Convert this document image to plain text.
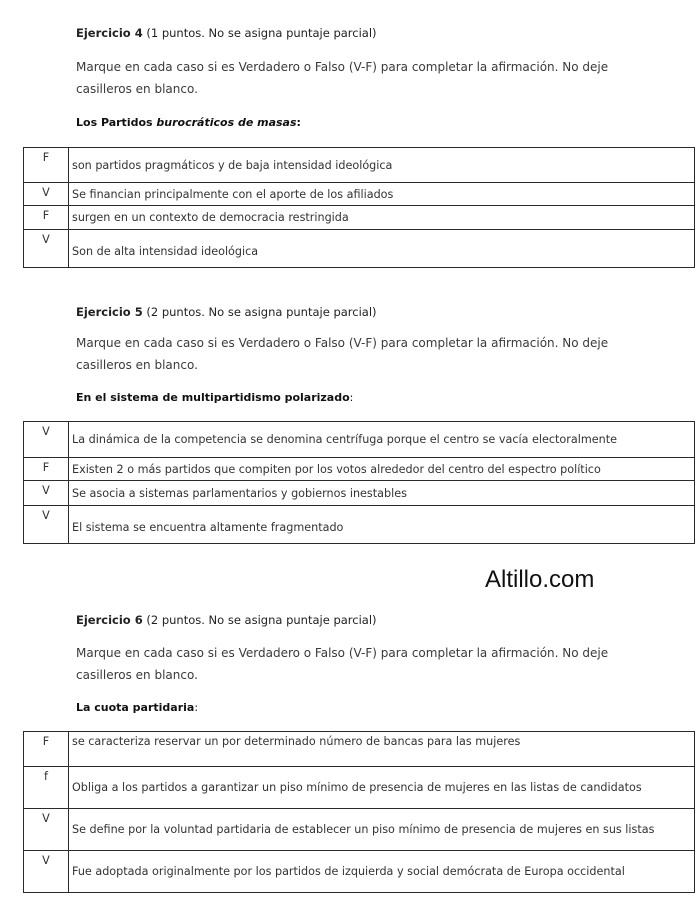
Ejercicio 4 (1 puntos. No se asigna puntaje parcial)
Marque en cada caso si es Verdadero o Falso (V-F) para completar la afirmación. No deje casilleros en blanco.
Los Partidos burocráticos de masas:
F	son partidos pragmáticos y de baja intensidad ideológica
V	Se financian principalmente con el aporte de los afiliados
F	surgen en un contexto de democracia restringida
V	Son de alta intensidad ideológica
Ejercicio 5 (2 puntos. No se asigna puntaje parcial)
Marque en cada caso si es Verdadero o Falso (V-F) para completar la afirmación. No deje casilleros en blanco.
En el sistema de multipartidismo polarizado:
V	La dinámica de la competencia se denomina centrífuga porque el centro se vacía electoralmente
F	Existen 2 o más partidos que compiten por los votos alrededor del centro del espectro político
V	Se asocia a sistemas parlamentarios y gobiernos inestables
V	El sistema se encuentra altamente fragmentado
Altillo.com
Ejercicio 6 (2 puntos. No se asigna puntaje parcial)
Marque en cada caso si es Verdadero o Falso (V-F) para completar la afirmación. No deje casilleros en blanco.
La cuota partidaria:
F	se caracteriza reservar un por determinado número de bancas para las mujeres
f	Obliga a los partidos a garantizar un piso mínimo de presencia de mujeres en las listas de candidatos
V	Se define por la voluntad partidaria de establecer un piso mínimo de presencia de mujeres en sus listas
V	Fue adoptada originalmente por los partidos de izquierda y social demócrata de Europa occidental
